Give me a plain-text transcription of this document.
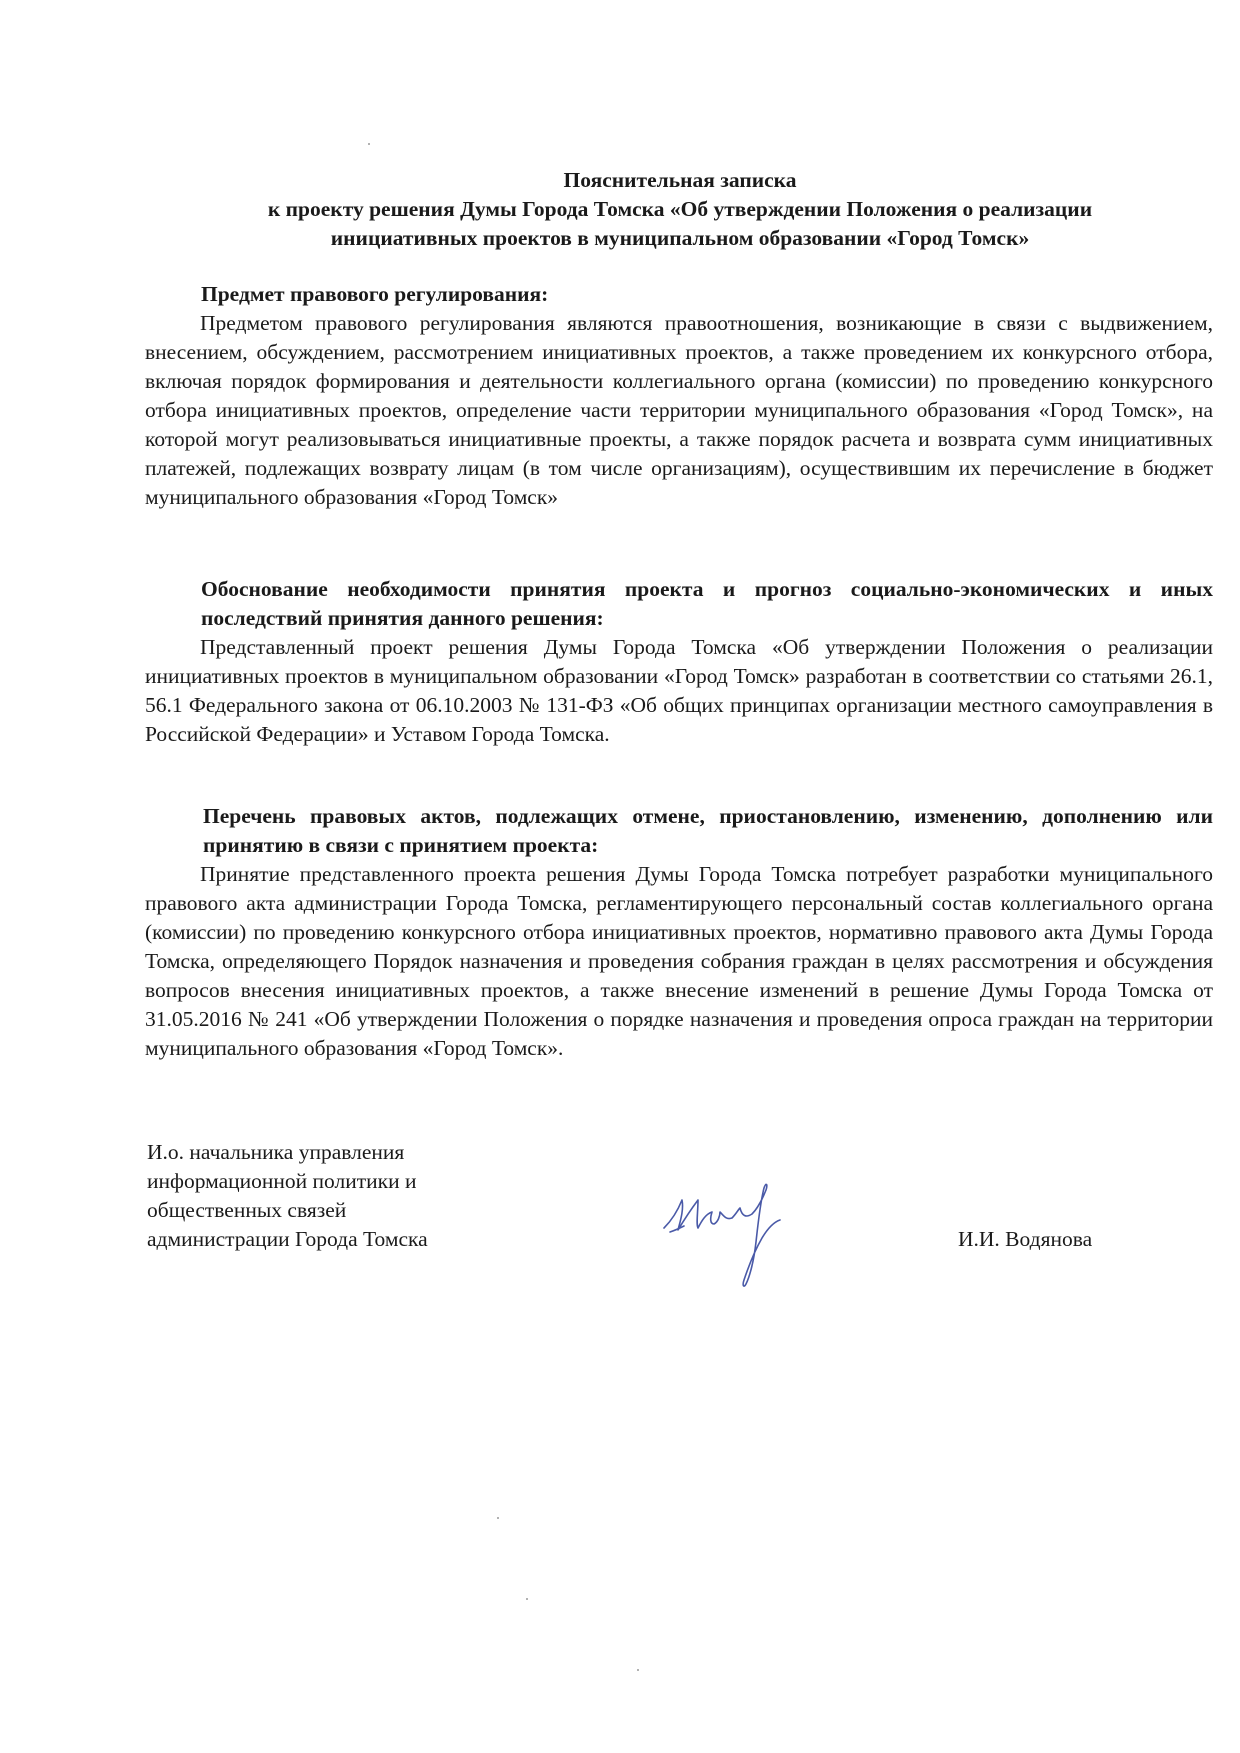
Пояснительная записка
к проекту решения Думы Города Томска «Об утверждении Положения о реализации
инициативных проектов в муниципальном образовании «Город Томск»
Предмет правового регулирования:
Предметом правового регулирования являются правоотношения, возникающие в связи с выдвижением, внесением, обсуждением, рассмотрением инициативных проектов, а также проведением их конкурсного отбора, включая порядок формирования и деятельности коллегиального органа (комиссии) по проведению конкурсного отбора инициативных проектов, определение части территории муниципального образования «Город Томск», на которой могут реализовываться инициативные проекты, а также порядок расчета и возврата сумм инициативных платежей, подлежащих возврату лицам (в том числе организациям), осуществившим их перечисление в бюджет муниципального образования «Город Томск»
Обоснование необходимости принятия проекта и прогноз социально-экономических и иных последствий принятия данного решения:
Представленный проект решения Думы Города Томска «Об утверждении Положения о реализации инициативных проектов в муниципальном образовании «Город Томск» разработан в соответствии со статьями 26.1, 56.1 Федерального закона от 06.10.2003 № 131-ФЗ «Об общих принципах организации местного самоуправления в Российской Федерации» и Уставом Города Томска.
Перечень правовых актов, подлежащих отмене, приостановлению, изменению, дополнению или принятию в связи с принятием проекта:
Принятие представленного проекта решения Думы Города Томска потребует разработки муниципального правового акта администрации Города Томска, регламентирующего персональный состав коллегиального органа (комиссии) по проведению конкурсного отбора инициативных проектов, нормативно правового акта Думы Города Томска, определяющего Порядок назначения и проведения собрания граждан в целях рассмотрения и обсуждения вопросов внесения инициативных проектов, а также внесение изменений в решение Думы Города Томска от 31.05.2016 № 241 «Об утверждении Положения о порядке назначения и проведения опроса граждан на территории муниципального образования «Город Томск».
И.о. начальника управления
информационной политики и
общественных связей
администрации Города Томска	И.И. Водянова
